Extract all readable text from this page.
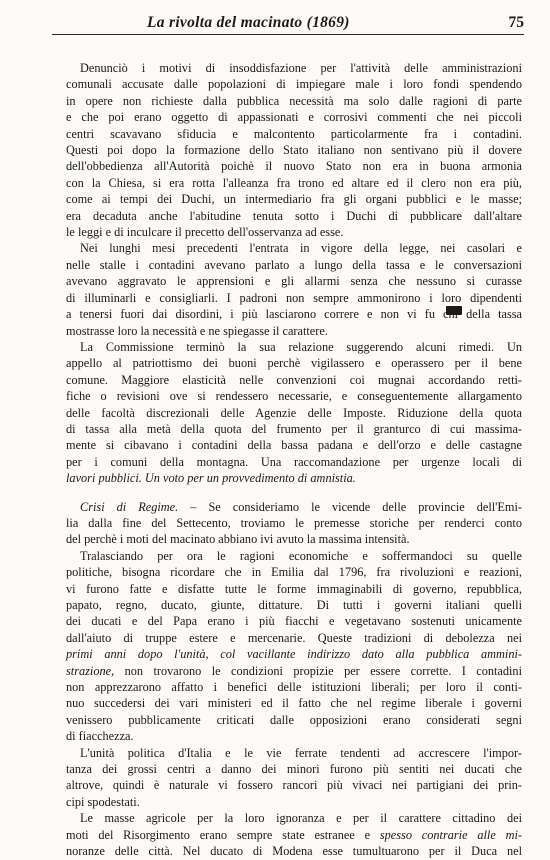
La rivolta del macinato (1869)	75
Denunciò i motivi di insoddisfazione per l'attività delle amministrazioni
comunali accusate dalle popolazioni di impiegare male i loro fondi spendendo
in opere non richieste dalla pubblica necessità ma solo dalle ragioni di parte
e che poi erano oggetto di appassionati e corrosivi commenti che nei piccoli
centri scavavano sfiducia e malcontento particolarmente fra i contadini.
Questi poi dopo la formazione dello Stato italiano non sentivano più il dovere
dell'obbedienza all'Autorità poichè il nuovo Stato non era in buona armonia
con la Chiesa, si era rotta l'alleanza fra trono ed altare ed il clero non era più,
come ai tempi dei Duchi, un intermediario fra gli organi pubblici e le masse;
era decaduta anche l'abitudine tenuta sotto i Duchi di pubblicare dall'altare
le leggi e di inculcare il precetto dell'osservanza ad esse.
Nei lunghi mesi precedenti l'entrata in vigore della legge, nei casolari e
nelle stalle i contadini avevano parlato a lungo della tassa e le conversazioni
avevano aggravato le apprensioni e gli allarmi senza che nessuno si curasse
di illuminarli e consigliarli. I padroni non sempre ammonirono i loro dipendenti
a tenersi fuori dai disordini, i più lasciarono correre e non vi fu chi della tassa
mostrasse loro la necessità e ne spiegasse il carattere.
La Commissione terminò la sua relazione suggerendo alcuni rimedi. Un
appello al patriottismo dei buoni perchè vigilassero e operassero per il bene
comune. Maggiore elasticità nelle convenzioni coi mugnai accordando retti-
fiche o revisioni ove si rendessero necessarie, e conseguentemente allargamento
delle facoltà discrezionali delle Agenzie delle Imposte. Riduzione della quota
di tassa alla metà della quota del frumento per il granturco di cui massima-
mente si cibavano i contadini della bassa padana e dell'orzo e delle castagne
per i comuni della montagna. Una raccomandazione per urgenze locali di
lavori pubblici. Un voto per un provvedimento di amnistia.
Crisi di Regime. – Se consideriamo le vicende delle provincie dell'Emi-
lia dalla fine del Settecento, troviamo le premesse storiche per renderci conto
del perchè i moti del macinato abbiano ivi avuto la massima intensità.
Tralasciando per ora le ragioni economiche e soffermandoci su quelle
politiche, bisogna ricordare che in Emilia dal 1796, fra rivoluzioni e reazioni,
vi furono fatte e disfatte tutte le forme immaginabili di governo, repubblica,
papato, regno, ducato, giunte, dittature. Di tutti i governi italiani quelli
dei ducati e del Papa erano i più fiacchi e vegetavano sostenuti unicamente
dall'aiuto di truppe estere e mercenarie. Queste tradizioni di debolezza nei
primi anni dopo l'unità, col vacillante indirizzo dato alla pubblica ammini-
strazione, non trovarono le condizioni propizie per essere corrette. I contadini
non apprezzarono affatto i benefici delle istituzioni liberali; per loro il conti-
nuo succedersi dei vari ministeri ed il fatto che nel regime liberale i governi
venissero pubblicamente criticati dalle opposizioni erano considerati segni
di fiacchezza.
L'unità politica d'Italia e le vie ferrate tendenti ad accrescere l'impor-
tanza dei grossi centri a danno dei minori furono più sentiti nei ducati che
altrove, quindi è naturale vi fossero rancori più vivaci nei partigiani dei prin-
cipi spodestati.
Le masse agricole per la loro ignoranza e per il carattere cittadino dei
moti del Risorgimento erano sempre state estranee e spesso contrarie alle mi-
noranze delle città. Nel ducato di Modena esse tumultuarono per il Duca nel
